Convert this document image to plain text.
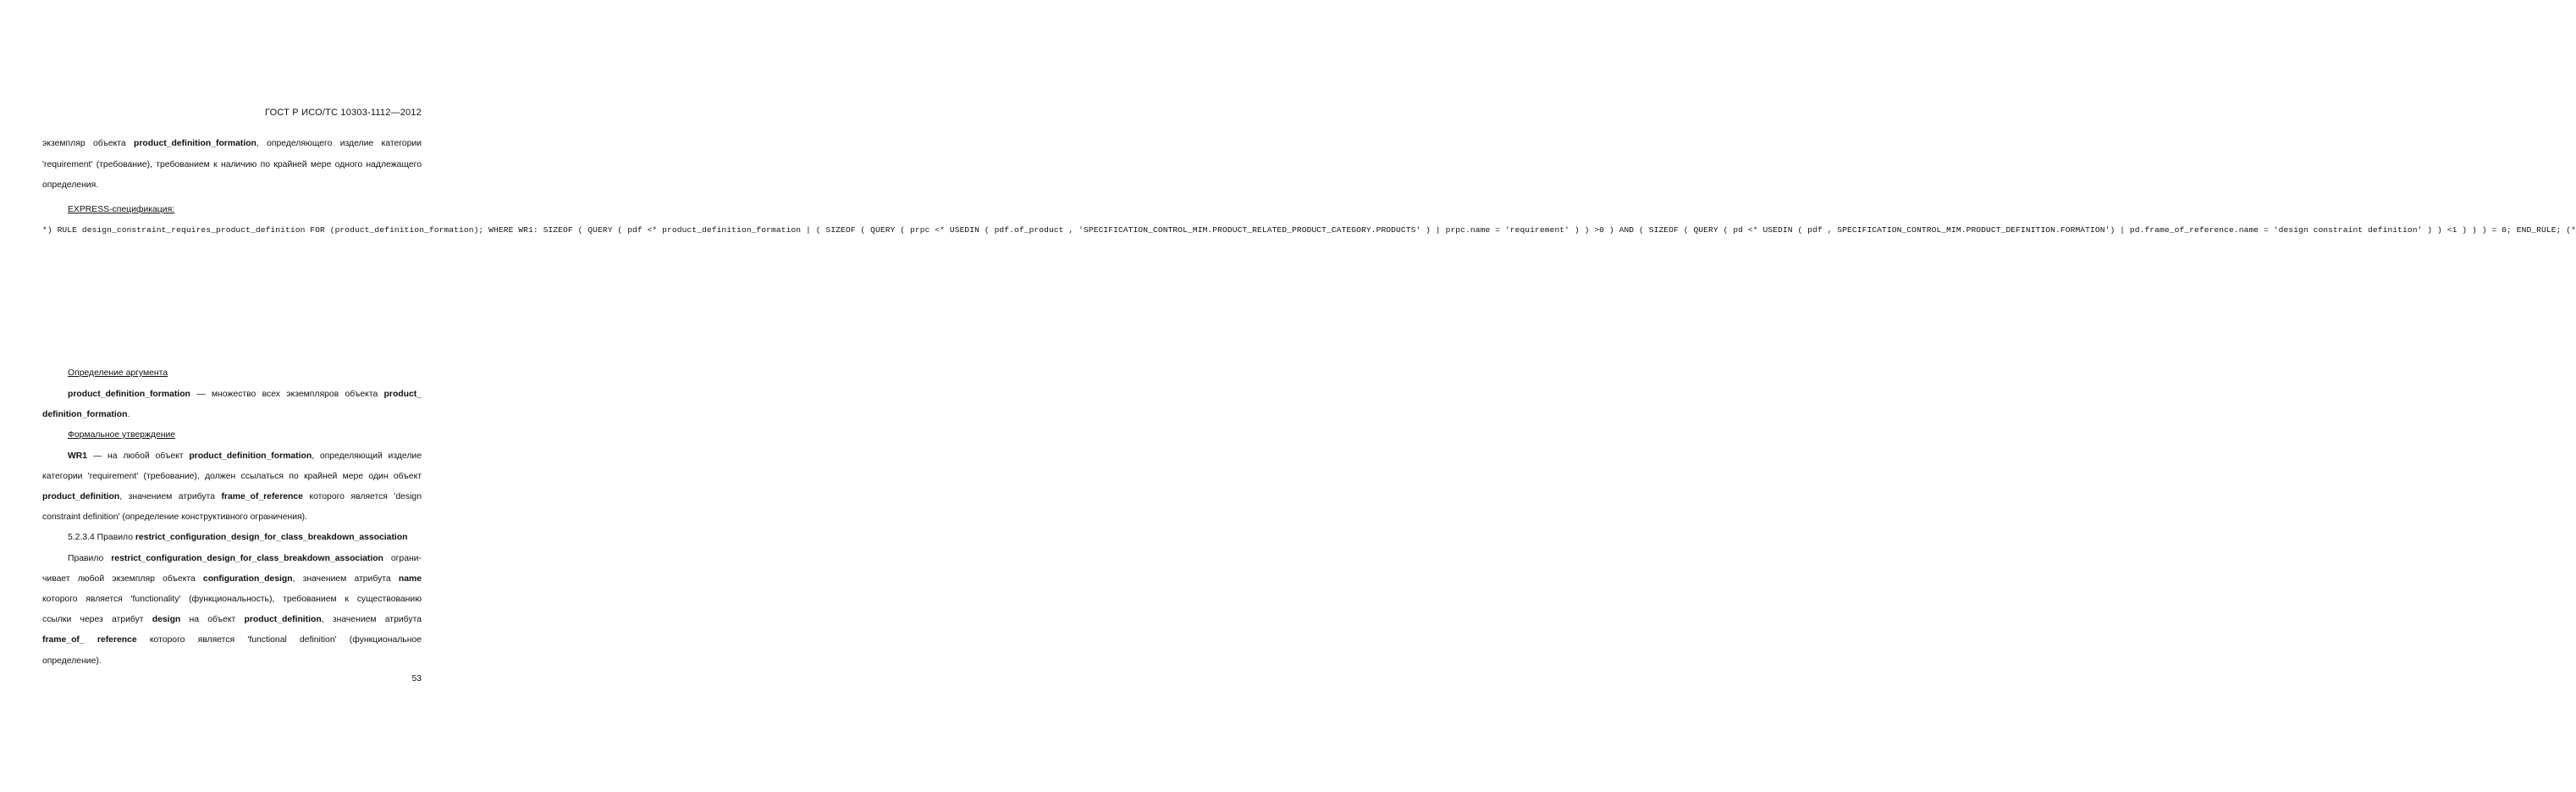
ГОСТ Р ИСО/ТС 10303-1112—2012
экземпляр объекта product_definition_formation, определяющего изделие категории
'requirement' (требование), требованием к наличию по крайней мере одного надлежащего
определения.
EXPRESS-спецификация:
*) RULE design_constraint_requires_product_definition FOR (product_definition_formation); WHERE WR1: SIZEOF ( QUERY ( pdf <* product_definition_formation | ( SIZEOF ( QUERY ( prpc <* USEDIN ( pdf.of_product , 'SPECIFICATION_CONTROL_MIM.PRODUCT_RELATED_PRODUCT_CATEGORY.PRODUCTS' ) | prpc.name = 'requirement' ) ) >0 ) AND ( SIZEOF ( QUERY ( pd <* USEDIN ( pdf , SPECIFICATION_CONTROL_MIM.PRODUCT_DEFINITION.FORMATION') | pd.frame_of_reference.name = 'design constraint definition' ) ) <1 ) ) ) = 0; END_RULE; (*
Определение аргумента
product_definition_formation — множество всех экземпляров объекта product_
definition_formation.
Формальное утверждение
WR1 — на любой объект product_definition_formation, определяющий изделие
категории 'requirement' (требование), должен ссылаться по крайней мере один объект
product_definition, значением атрибута frame_of_reference которого является 'design
constraint definition' (определение конструктивного ограничения).
5.2.3.4 Правило restrict_configuration_design_for_class_breakdown_association
Правило restrict_configuration_design_for_class_breakdown_association ограни-
чивает любой экземпляр объекта configuration_design, значением атрибута name
которого является 'functionality' (функциональность), требованием к существованию
ссылки через атрибут design на объект product_definition, значением атрибута
frame_of_ reference которого является 'functional definition' (функциональное
определение).
53
